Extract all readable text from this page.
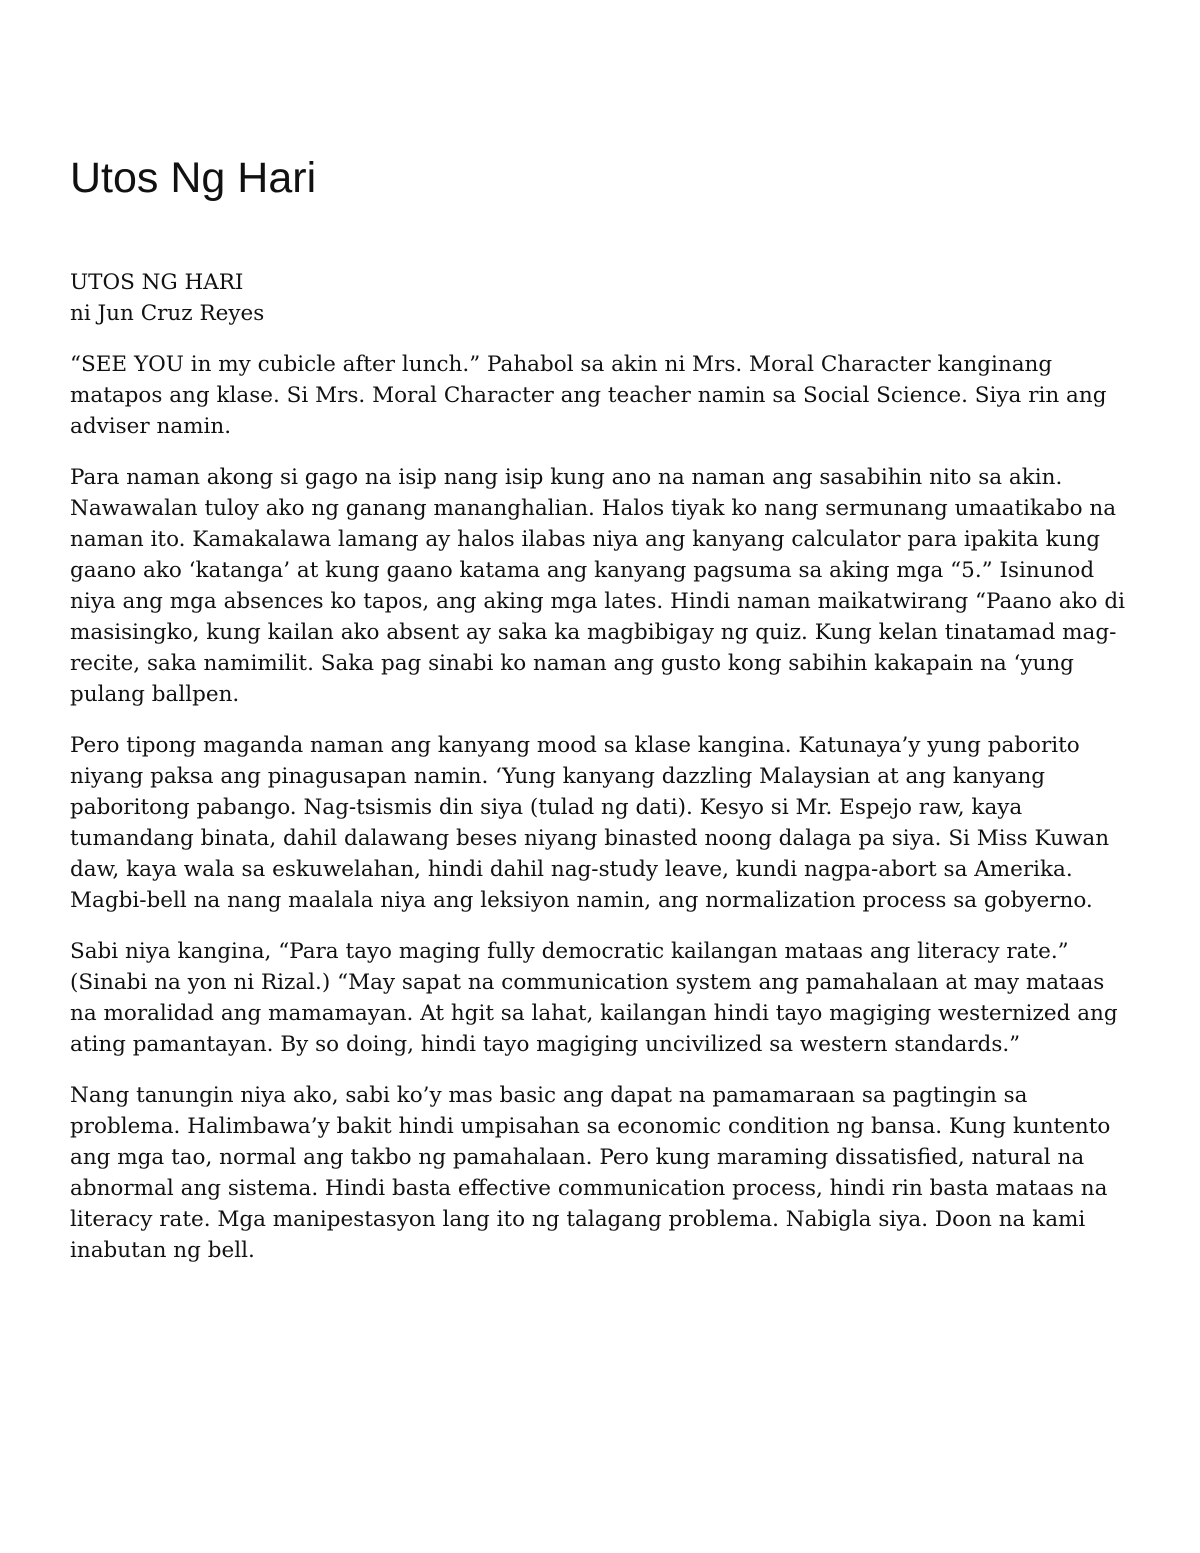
Utos Ng Hari

UTOS NG HARI

ni Jun Cruz Reyes

“SEE YOU in my cubicle after lunch.” Pahabol sa akin ni Mrs. Moral Character kanginang matapos ang klase. Si Mrs. Moral Character ang teacher namin sa Social Science. Siya rin ang adviser namin.

Para naman akong si gago na isip nang isip kung ano na naman ang sasabihin nito sa akin. Nawawalan tuloy ako ng ganang mananghalian. Halos tiyak ko nang sermunang umaatikabo na naman ito. Kamakalawa lamang ay halos ilabas niya ang kanyang calculator para ipakita kung gaano ako ‘katanga’ at kung gaano katama ang kanyang pagsuma sa aking mga “5.” Isinunod niya ang mga absences ko tapos, ang aking mga lates. Hindi naman maikatwirang “Paano ako di masisingko, kung kailan ako absent ay saka ka magbibigay ng quiz. Kung kelan tinatamad mag-recite, saka namimilit. Saka pag sinabi ko naman ang gusto kong sabihin kakapain na ‘yung pulang ballpen.

Pero tipong maganda naman ang kanyang mood sa klase kangina. Katunaya’y yung paborito niyang paksa ang pinagusapan namin. ‘Yung kanyang dazzling Malaysian at ang kanyang paboritong pabango. Nag-tsismis din siya (tulad ng dati). Kesyo si Mr. Espejo raw, kaya tumandang binata, dahil dalawang beses niyang binasted noong dalaga pa siya. Si Miss Kuwan daw, kaya wala sa eskuwelahan, hindi dahil nag-study leave, kundi nagpa-abort sa Amerika. Magbi-bell na nang maalala niya ang leksiyon namin, ang normalization process sa gobyerno.

Sabi niya kangina, “Para tayo maging fully democratic kailangan mataas ang literacy rate.” (Sinabi na yon ni Rizal.) “May sapat na communication system ang pamahalaan at may mataas na moralidad ang mamamayan. At hgit sa lahat, kailangan hindi tayo magiging westernized ang ating pamantayan. By so doing, hindi tayo magiging uncivilized sa western standards.”

Nang tanungin niya ako, sabi ko’y mas basic ang dapat na pamamaraan sa pagtingin sa problema. Halimbawa’y bakit hindi umpisahan sa economic condition ng bansa. Kung kuntento ang mga tao, normal ang takbo ng pamahalaan. Pero kung maraming dissatisfied, natural na abnormal ang sistema. Hindi basta effective communication process, hindi rin basta mataas na literacy rate. Mga manipestasyon lang ito ng talagang problema. Nabigla siya. Doon na kami inabutan ng bell.
